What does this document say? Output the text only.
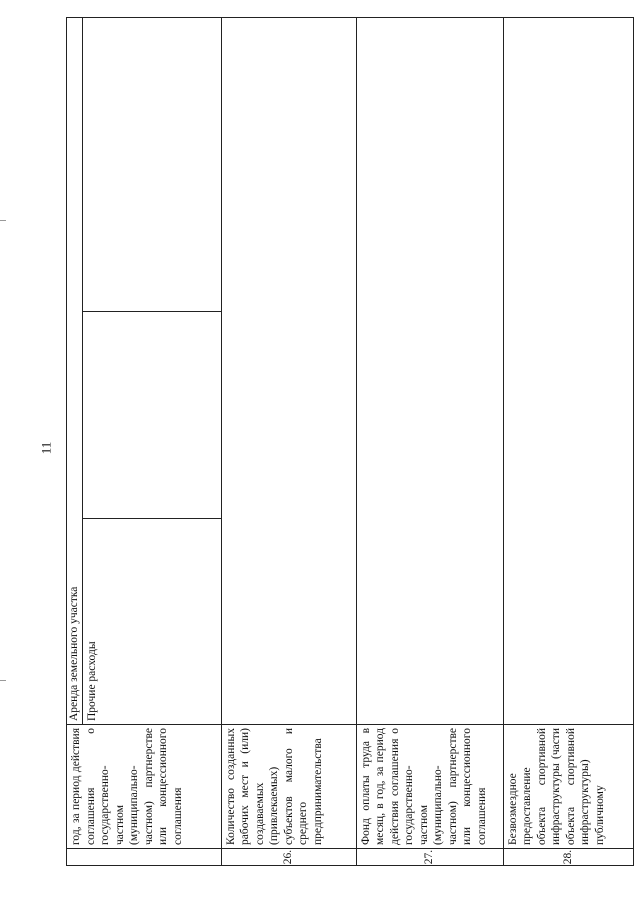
11
	год, за период действия соглашения о государственно-частном (муниципально-частном) партнерстве или концессионного соглашения	Аренда земельного участка		
		Прочие расходы		
26.	Количество созданных рабочих мест и (или) создаваемых (привлекаемых) субъектов малого и среднего предпринимательства			
27.	Фонд оплаты труда в месяц, в год, за период действия соглашения о государственно-частном (муниципально-частном) партнерстве или концессионного соглашения			
28.	Безвозмездное предоставление объекта спортивной инфраструктуры (части объекта спортивной инфраструктуры) публичному			
